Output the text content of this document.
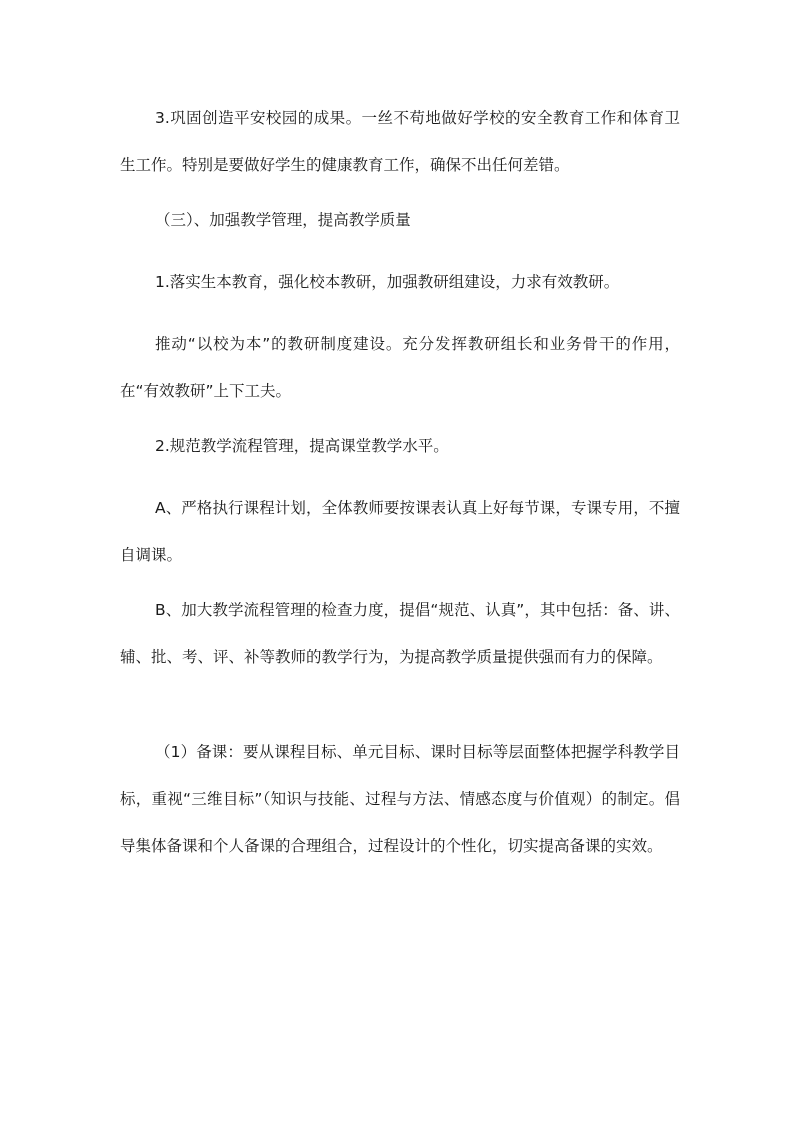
3.巩固创造平安校园的成果。一丝不苟地做好学校的安全教育工作和体育卫生工作。特别是要做好学生的健康教育工作，确保不出任何差错。

（三）、加强教学管理，提高教学质量

1.落实生本教育，强化校本教研，加强教研组建设，力求有效教研。

推动“以校为本”的教研制度建设。充分发挥教研组长和业务骨干的作用，在“有效教研”上下工夫。

2.规范教学流程管理，提高课堂教学水平。

A、严格执行课程计划，全体教师要按课表认真上好每节课，专课专用，不擅自调课。

B、加大教学流程管理的检查力度，提倡“规范、认真”，其中包括：备、讲、辅、批、考、评、补等教师的教学行为，为提高教学质量提供强而有力的保障。

（1）备课：要从课程目标、单元目标、课时目标等层面整体把握学科教学目标，重视“三维目标”（知识与技能、过程与方法、情感态度与价值观）的制定。倡导集体备课和个人备课的合理组合，过程设计的个性化，切实提高备课的实效。
